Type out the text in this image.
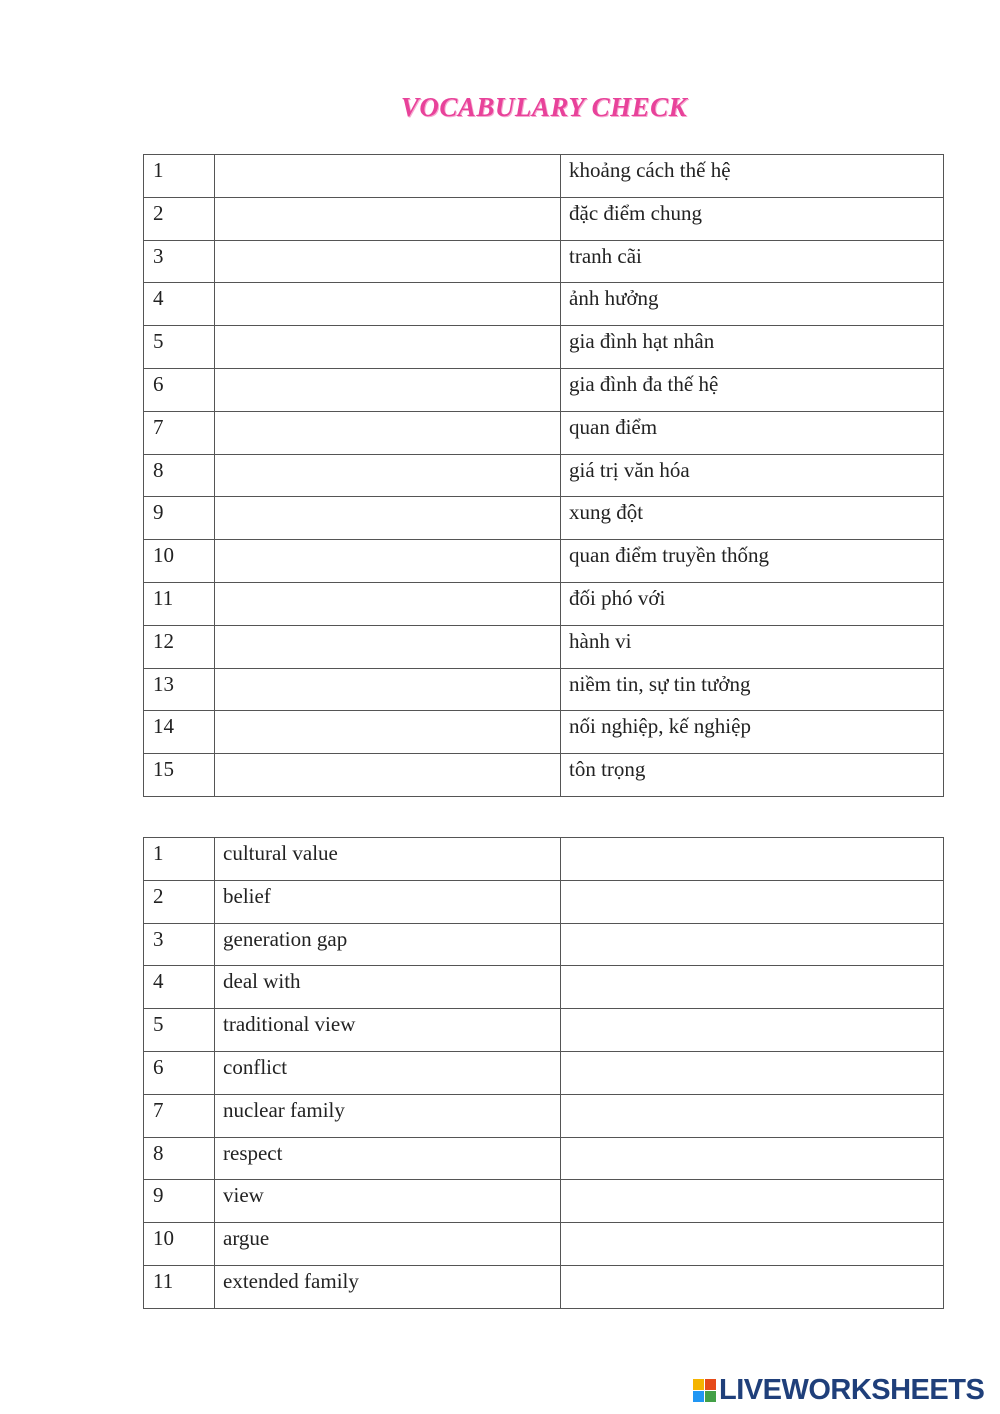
VOCABULARY CHECK
1		khoảng cách thế hệ
2		đặc điểm chung
3		tranh cãi
4		ảnh hưởng
5		gia đình hạt nhân
6		gia đình đa thế hệ
7		quan điểm
8		giá trị văn hóa
9		xung đột
10		quan điểm truyền thống
11		đối phó với
12		hành vi
13		niềm tin, sự tin tưởng
14		nối nghiệp, kế nghiệp
15		tôn trọng
1	cultural value	
2	belief	
3	generation gap	
4	deal with	
5	traditional view	
6	conflict	
7	nuclear family	
8	respect	
9	view	
10	argue	
11	extended family	
LIVEWORKSHEETS
